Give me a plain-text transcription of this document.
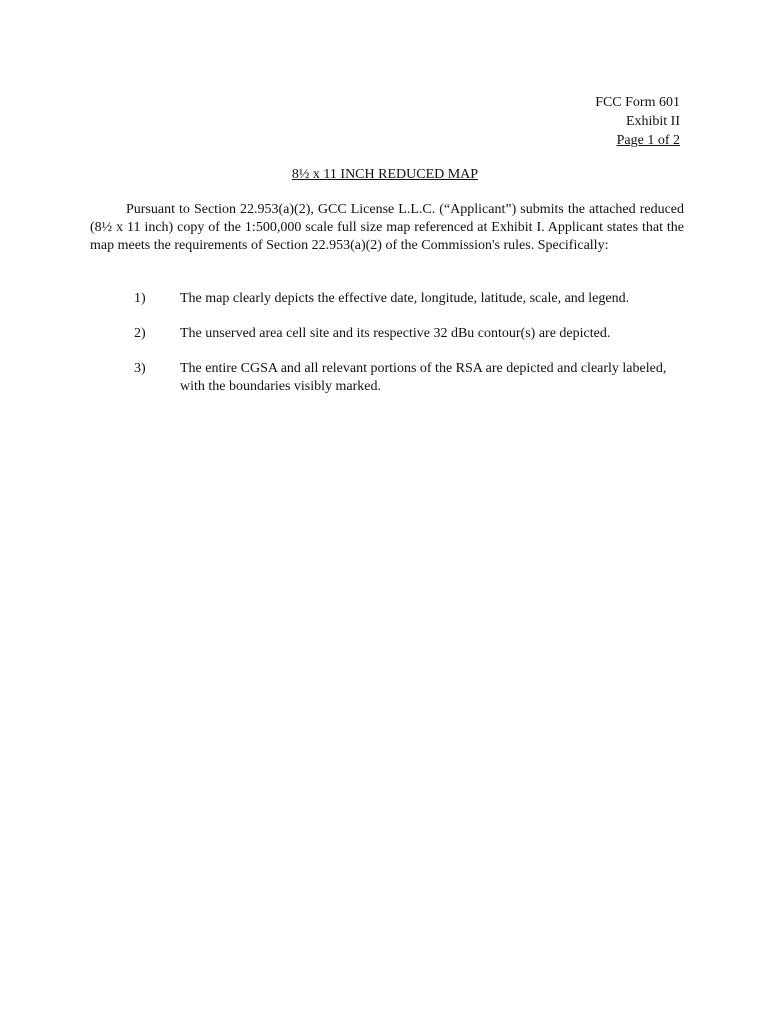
FCC Form 601
Exhibit II
Page 1 of 2
8½ x 11 INCH REDUCED MAP
Pursuant to Section 22.953(a)(2), GCC License L.L.C. (“Applicant”) submits the attached reduced (8½ x 11 inch) copy of the 1:500,000 scale full size map referenced at Exhibit I. Applicant states that the map meets the requirements of Section 22.953(a)(2) of the Commission's rules. Specifically:
1)	The map clearly depicts the effective date, longitude, latitude, scale, and legend.
2)	The unserved area cell site and its respective 32 dBu contour(s) are depicted.
3)	The entire CGSA and all relevant portions of the RSA are depicted and clearly labeled, with the boundaries visibly marked.
